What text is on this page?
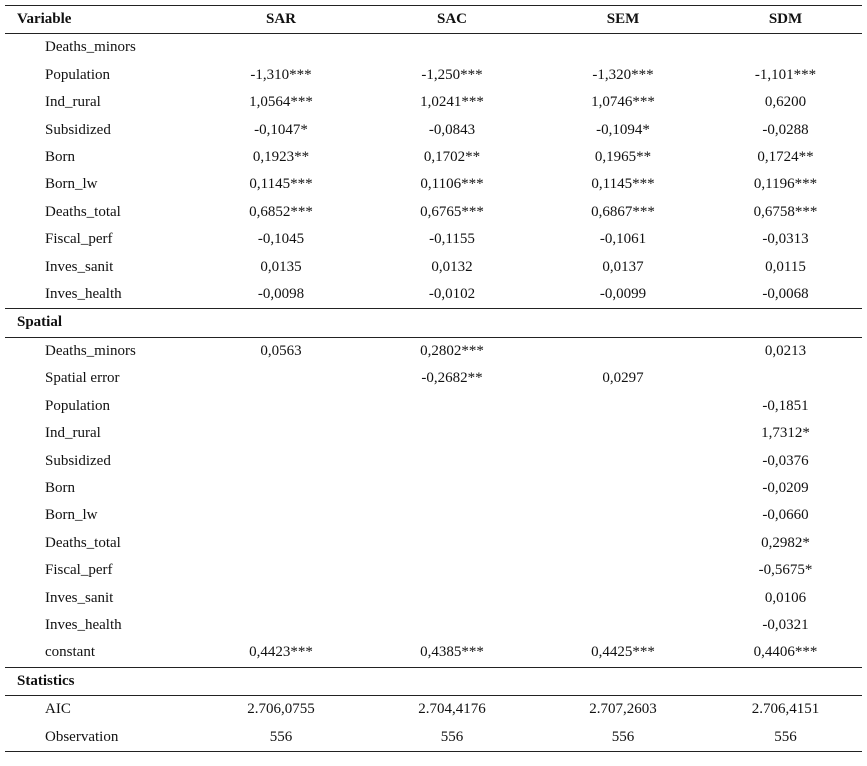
Variable	SAR	SAC	SEM	SDM
Deaths_minors				
Population	-1,310***	-1,250***	-1,320***	-1,101***
Ind_rural	1,0564***	1,0241***	1,0746***	0,6200
Subsidized	-0,1047*	-0,0843	-0,1094*	-0,0288
Born	0,1923**	0,1702**	0,1965**	0,1724**
Born_lw	0,1145***	0,1106***	0,1145***	0,1196***
Deaths_total	0,6852***	0,6765***	0,6867***	0,6758***
Fiscal_perf	-0,1045	-0,1155	-0,1061	-0,0313
Inves_sanit	0,0135	0,0132	0,0137	0,0115
Inves_health	-0,0098	-0,0102	-0,0099	-0,0068
Spatial				
Deaths_minors	0,0563	0,2802***		0,0213
Spatial error		-0,2682**	0,0297	
Population				-0,1851
Ind_rural				1,7312*
Subsidized				-0,0376
Born				-0,0209
Born_lw				-0,0660
Deaths_total				0,2982*
Fiscal_perf				-0,5675*
Inves_sanit				0,0106
Inves_health				-0,0321
constant	0,4423***	0,4385***	0,4425***	0,4406***
Statistics				
AIC	2.706,0755	2.704,4176	2.707,2603	2.706,4151
Observation	556	556	556	556
